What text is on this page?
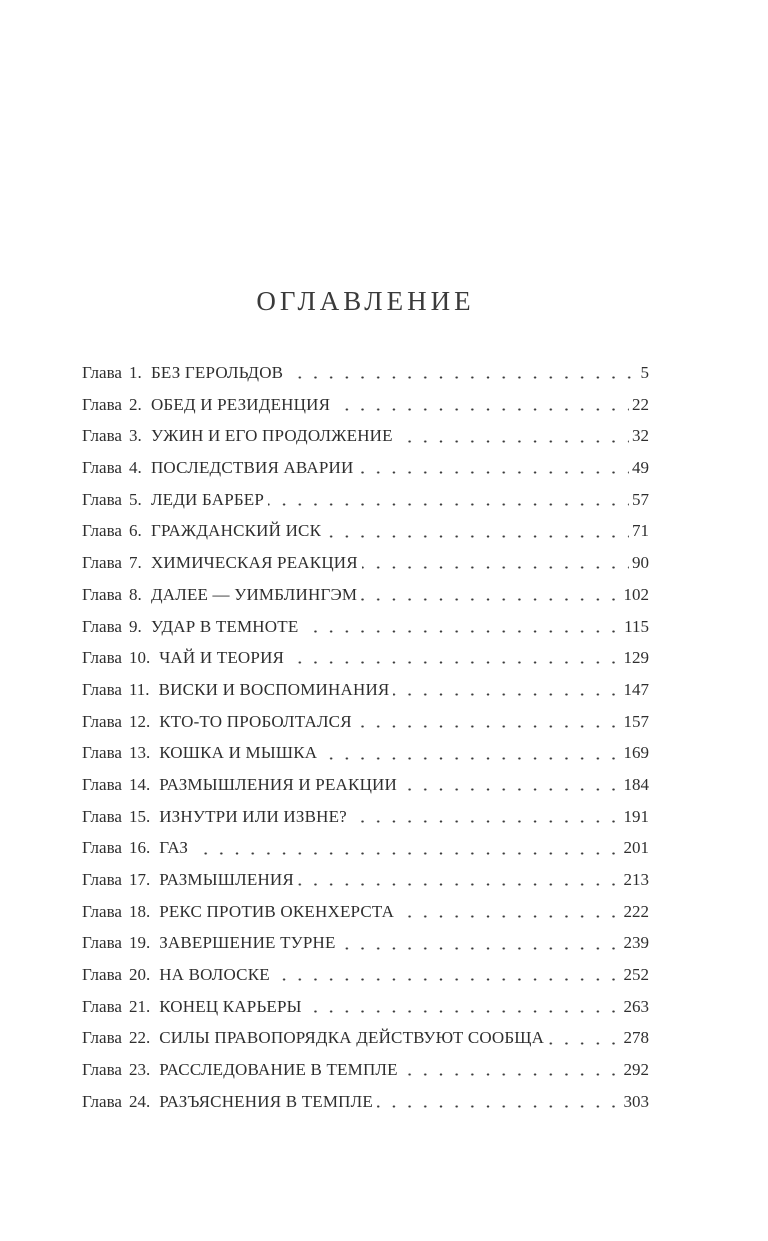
ОГЛАВЛЕНИЕ
Глава 1. БЕЗ ГЕРОЛЬДОВ	5
Глава 2. ОБЕД И РЕЗИДЕНЦИЯ	22
Глава 3. УЖИН И ЕГО ПРОДОЛЖЕНИЕ	32
Глава 4. ПОСЛЕДСТВИЯ АВАРИИ	49
Глава 5. ЛЕДИ БАРБЕР	57
Глава 6. ГРАЖДАНСКИЙ ИСК	71
Глава 7. ХИМИЧЕСКАЯ РЕАКЦИЯ	90
Глава 8. ДАЛЕЕ — УИМБЛИНГЭМ	102
Глава 9. УДАР В ТЕМНОТЕ	115
Глава 10. ЧАЙ И ТЕОРИЯ	129
Глава 11. ВИСКИ И ВОСПОМИНАНИЯ	147
Глава 12. КТО-ТО ПРОБОЛТАЛСЯ	157
Глава 13. КОШКА И МЫШКА	169
Глава 14. РАЗМЫШЛЕНИЯ И РЕАКЦИИ	184
Глава 15. ИЗНУТРИ ИЛИ ИЗВНЕ?	191
Глава 16. ГАЗ	201
Глава 17. РАЗМЫШЛЕНИЯ	213
Глава 18. РЕКС ПРОТИВ ОКЕНХЕРСТА	222
Глава 19. ЗАВЕРШЕНИЕ ТУРНЕ	239
Глава 20. НА ВОЛОСКЕ	252
Глава 21. КОНЕЦ КАРЬЕРЫ	263
Глава 22. СИЛЫ ПРАВОПОРЯДКА ДЕЙСТВУЮТ СООБЩА	278
Глава 23. РАССЛЕДОВАНИЕ В ТЕМПЛЕ	292
Глава 24. РАЗЪЯСНЕНИЯ В ТЕМПЛЕ	303
